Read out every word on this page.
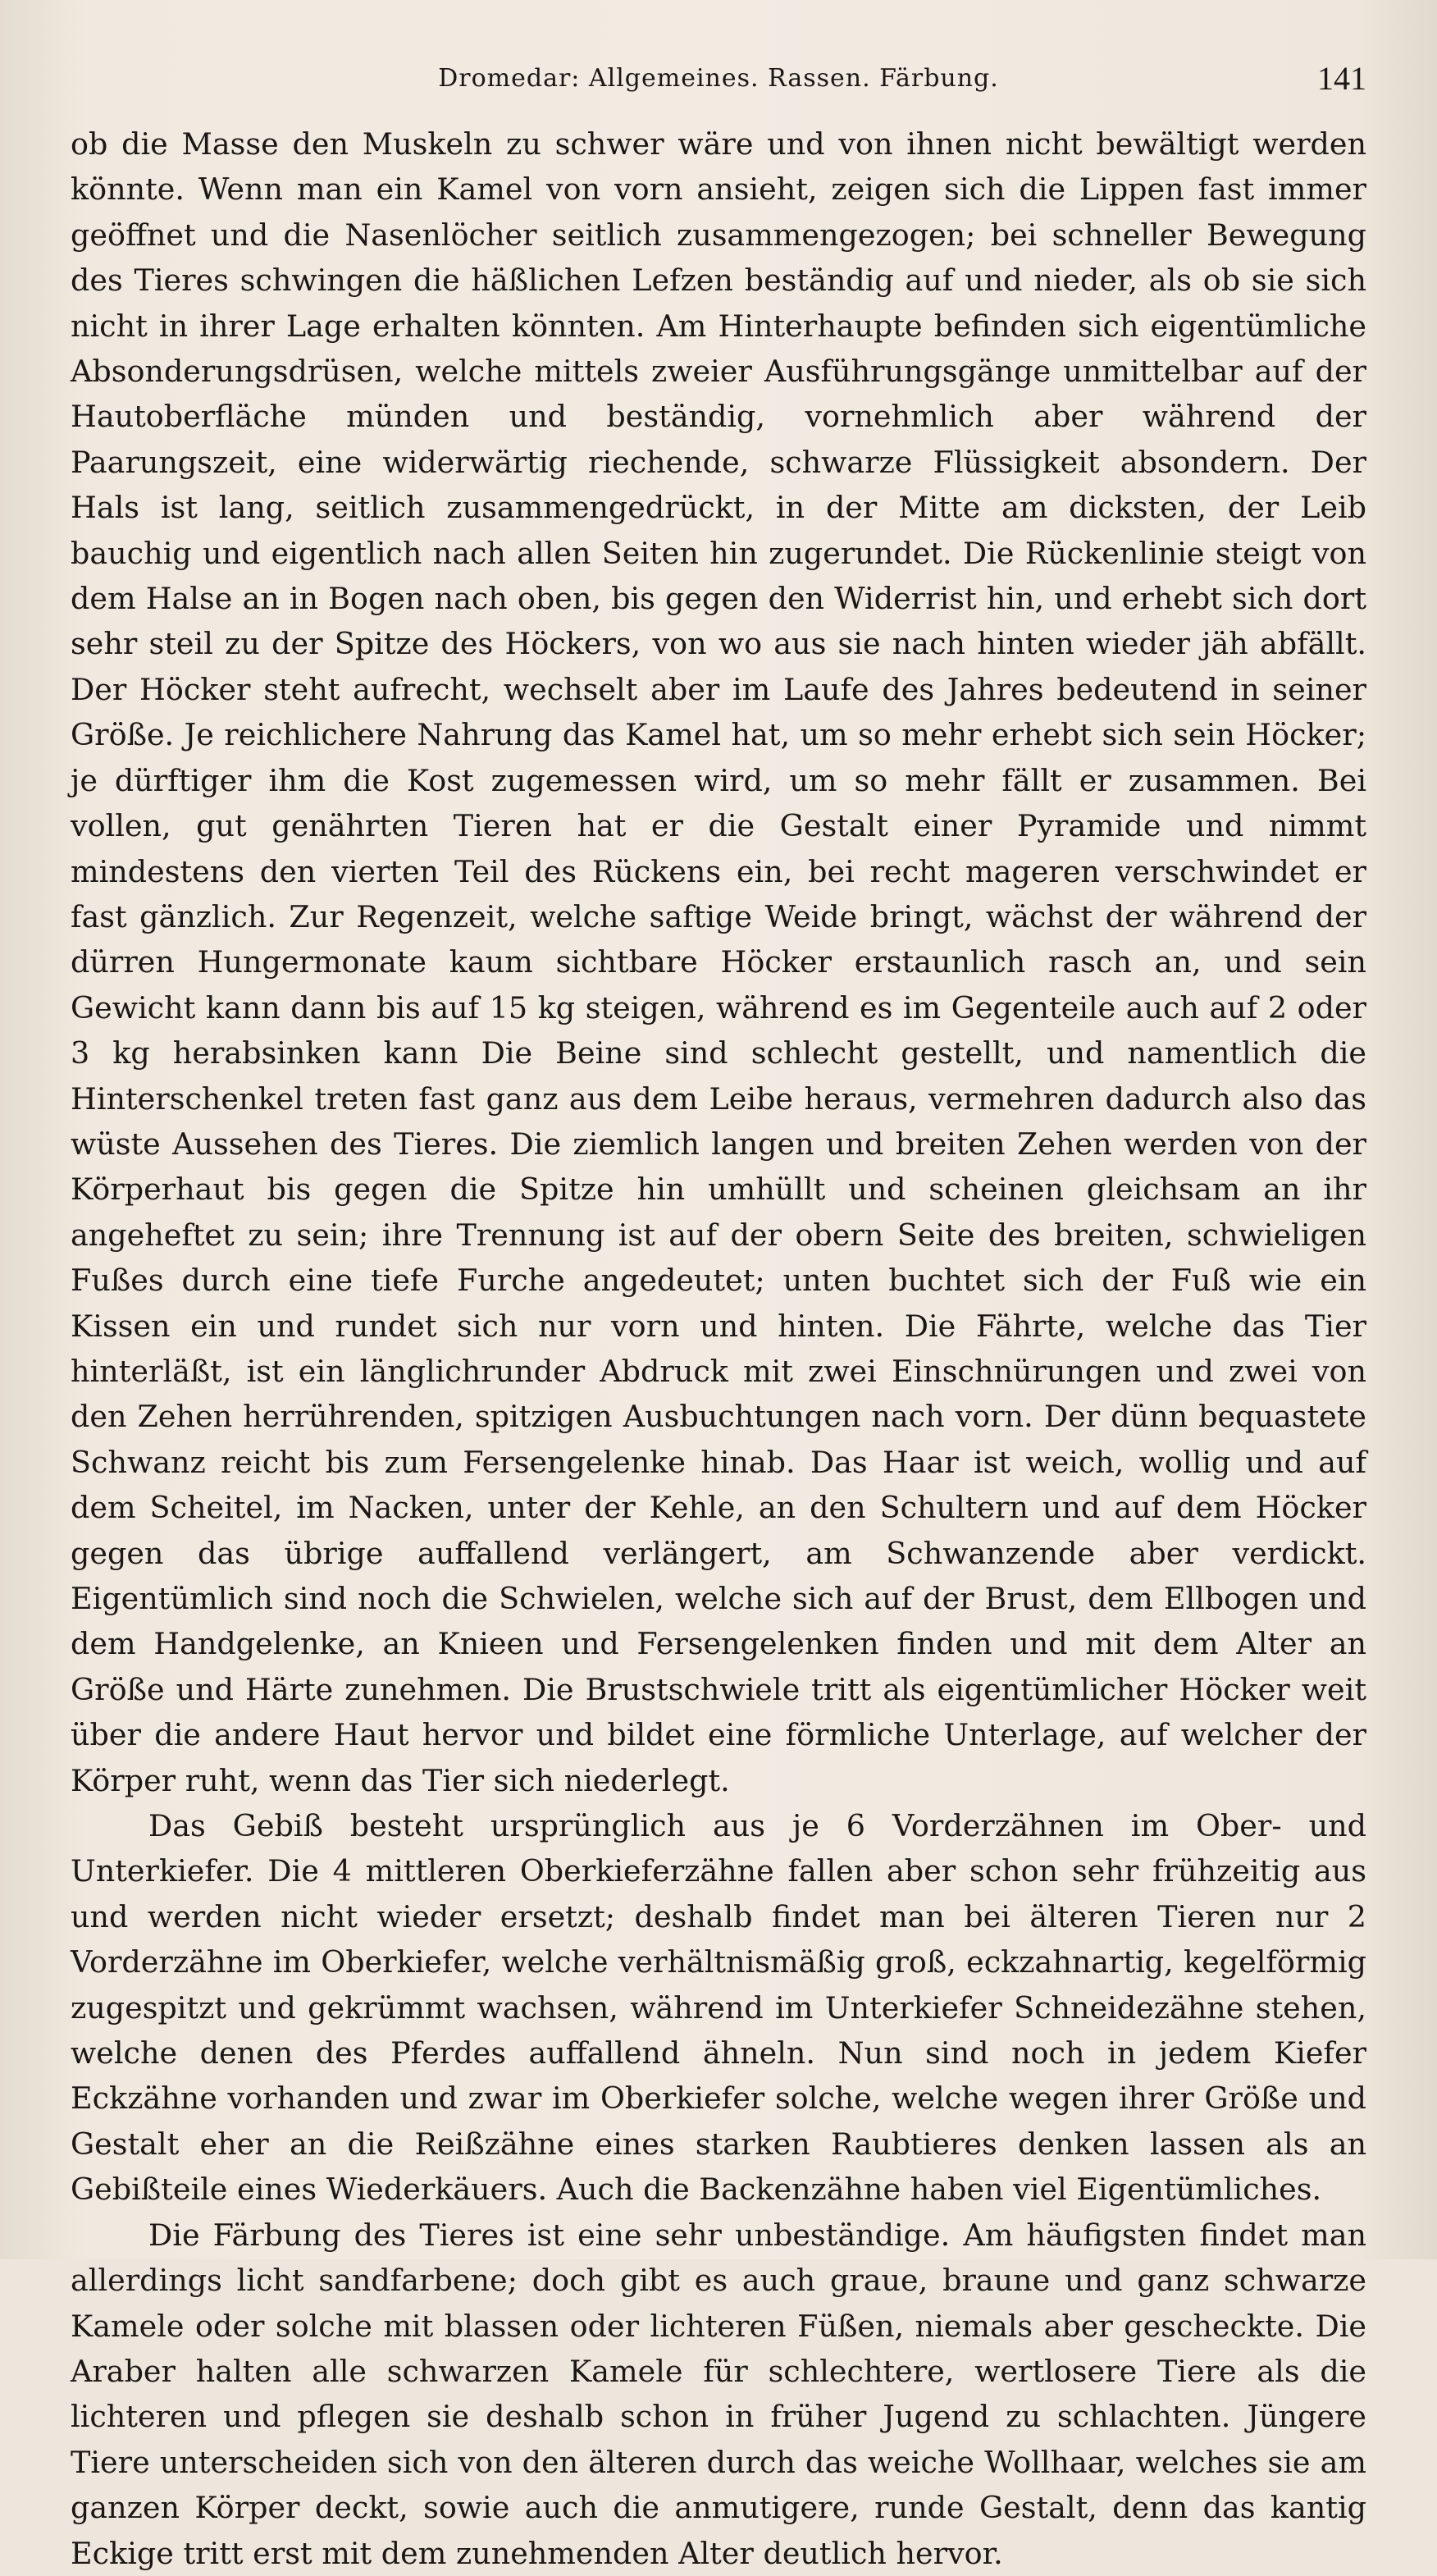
Dromedar: Allgemeines. Rassen. Färbung.	141

ob die Masse den Muskeln zu schwer wäre und von ihnen nicht bewältigt werden könnte. Wenn man ein Kamel von vorn ansieht, zeigen sich die Lippen fast immer geöffnet und die Nasenlöcher seitlich zusammengezogen; bei schneller Bewegung des Tieres schwingen die häßlichen Lefzen beständig auf und nieder, als ob sie sich nicht in ihrer Lage erhalten könnten. Am Hinterhaupte befinden sich eigentümliche Absonderungsdrüsen, welche mittels zweier Ausführungsgänge unmittelbar auf der Hautoberfläche münden und beständig, vornehmlich aber während der Paarungszeit, eine widerwärtig riechende, schwarze Flüssigkeit absondern. Der Hals ist lang, seitlich zusammengedrückt, in der Mitte am dicksten, der Leib bauchig und eigentlich nach allen Seiten hin zugerundet. Die Rückenlinie steigt von dem Halse an in Bogen nach oben, bis gegen den Widerrist hin, und erhebt sich dort sehr steil zu der Spitze des Höckers, von wo aus sie nach hinten wieder jäh abfällt. Der Höcker steht aufrecht, wechselt aber im Laufe des Jahres bedeutend in seiner Größe. Je reichlichere Nahrung das Kamel hat, um so mehr erhebt sich sein Höcker; je dürftiger ihm die Kost zugemessen wird, um so mehr fällt er zusammen. Bei vollen, gut genährten Tieren hat er die Gestalt einer Pyramide und nimmt mindestens den vierten Teil des Rückens ein, bei recht mageren verschwindet er fast gänzlich. Zur Regenzeit, welche saftige Weide bringt, wächst der während der dürren Hungermonate kaum sichtbare Höcker erstaunlich rasch an, und sein Gewicht kann dann bis auf 15 kg steigen, während es im Gegenteile auch auf 2 oder 3 kg herabsinken kann Die Beine sind schlecht gestellt, und namentlich die Hinterschenkel treten fast ganz aus dem Leibe heraus, vermehren dadurch also das wüste Aussehen des Tieres. Die ziemlich langen und breiten Zehen werden von der Körperhaut bis gegen die Spitze hin umhüllt und scheinen gleichsam an ihr angeheftet zu sein; ihre Trennung ist auf der obern Seite des breiten, schwieligen Fußes durch eine tiefe Furche angedeutet; unten buchtet sich der Fuß wie ein Kissen ein und rundet sich nur vorn und hinten. Die Fährte, welche das Tier hinterläßt, ist ein länglichrunder Abdruck mit zwei Einschnürungen und zwei von den Zehen herrührenden, spitzigen Ausbuchtungen nach vorn. Der dünn bequastete Schwanz reicht bis zum Fersengelenke hinab. Das Haar ist weich, wollig und auf dem Scheitel, im Nacken, unter der Kehle, an den Schultern und auf dem Höcker gegen das übrige auffallend verlängert, am Schwanzende aber verdickt. Eigentümlich sind noch die Schwielen, welche sich auf der Brust, dem Ellbogen und dem Handgelenke, an Knieen und Fersengelenken finden und mit dem Alter an Größe und Härte zunehmen. Die Brustschwiele tritt als eigentümlicher Höcker weit über die andere Haut hervor und bildet eine förmliche Unterlage, auf welcher der Körper ruht, wenn das Tier sich niederlegt.

Das Gebiß besteht ursprünglich aus je 6 Vorderzähnen im Ober- und Unterkiefer. Die 4 mittleren Oberkieferzähne fallen aber schon sehr frühzeitig aus und werden nicht wieder ersetzt; deshalb findet man bei älteren Tieren nur 2 Vorderzähne im Oberkiefer, welche verhältnismäßig groß, eckzahnartig, kegelförmig zugespitzt und gekrümmt wachsen, während im Unterkiefer Schneidezähne stehen, welche denen des Pferdes auffallend ähneln. Nun sind noch in jedem Kiefer Eckzähne vorhanden und zwar im Oberkiefer solche, welche wegen ihrer Größe und Gestalt eher an die Reißzähne eines starken Raubtieres denken lassen als an Gebißteile eines Wiederkäuers. Auch die Backenzähne haben viel Eigentümliches.

Die Färbung des Tieres ist eine sehr unbeständige. Am häufigsten findet man allerdings licht sandfarbene; doch gibt es auch graue, braune und ganz schwarze Kamele oder solche mit blassen oder lichteren Füßen, niemals aber gescheckte. Die Araber halten alle schwarzen Kamele für schlechtere, wertlosere Tiere als die lichteren und pflegen sie deshalb schon in früher Jugend zu schlachten. Jüngere Tiere unterscheiden sich von den älteren durch das weiche Wollhaar, welches sie am ganzen Körper deckt, sowie auch die anmutigere, runde Gestalt, denn das kantig Eckige tritt erst mit dem zunehmenden Alter deutlich hervor.
